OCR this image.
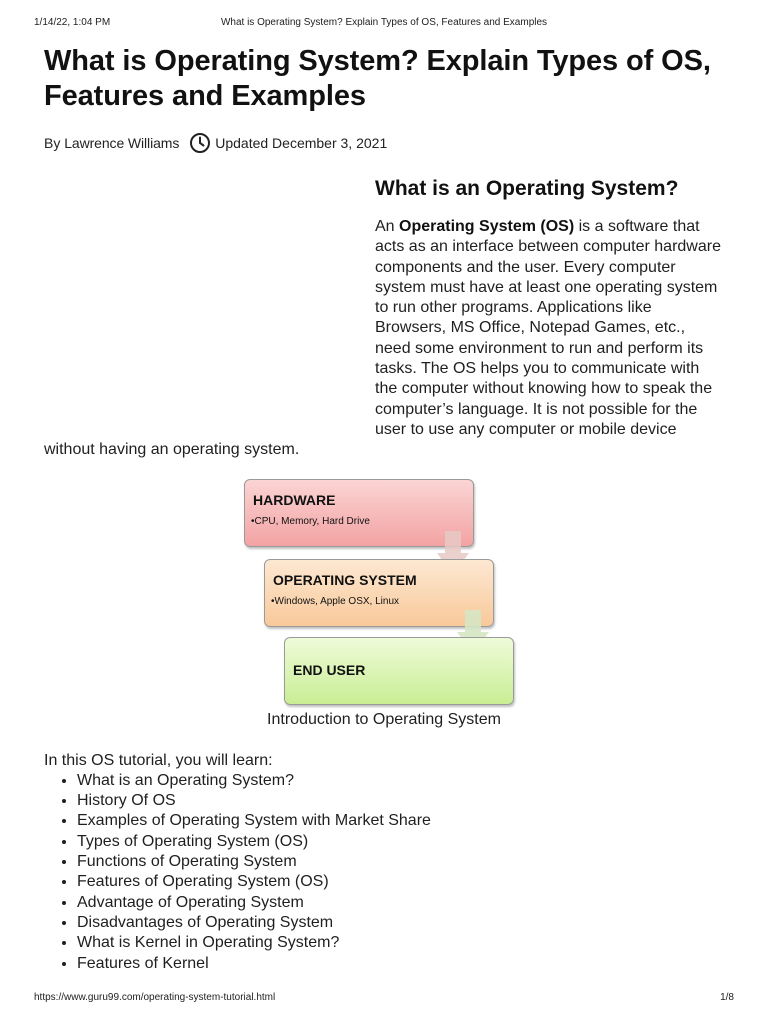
1/14/22, 1:04 PM	What is Operating System? Explain Types of OS, Features and Examples
What is Operating System? Explain Types of OS, Features and Examples
By
Lawrence Williams	Updated December 3, 2021
What is an Operating System?

An Operating System (OS) is a software that acts as an interface between computer hardware components and the user. Every computer system must have at least one operating system to run other programs. Applications like Browsers, MS Office, Notepad Games, etc., need some environment to run and perform its tasks. The OS helps you to communicate with the computer without knowing how to speak the computer’s language. It is not possible for the user to use any computer or mobile device without having an operating system.

HARDWARE
•CPU, Memory, Hard Drive
OPERATING SYSTEM
•Windows, Apple OSX, Linux
END USER
Introduction to Operating System
In this OS tutorial, you will learn:
• What is an Operating System?
• History Of OS
• Examples of Operating System with Market Share
• Types of Operating System (OS)
• Functions of Operating System
• Features of Operating System (OS)
• Advantage of Operating System
• Disadvantages of Operating System
• What is Kernel in Operating System?
• Features of Kernel
https://www.guru99.com/operating-system-tutorial.html	1/8
